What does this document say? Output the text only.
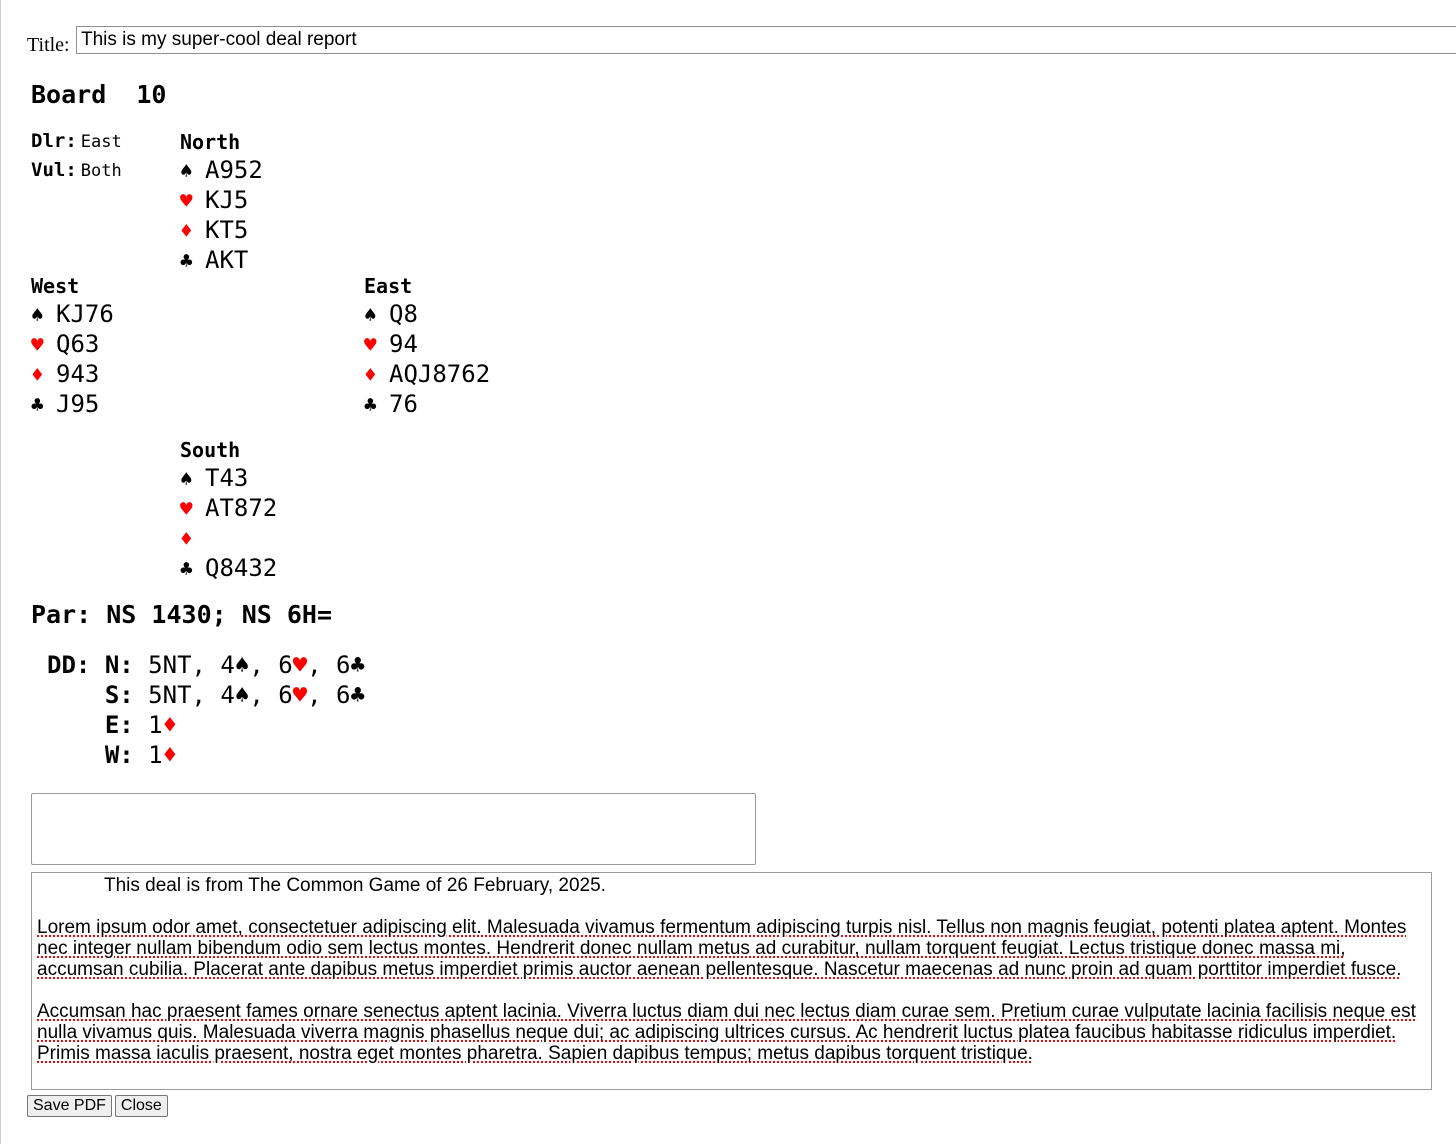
Title:
This is my super-cool deal report
Board 10
Dlr: East
Vul: Both
North
♠ A952
♥ KJ5
♦ KT5
♣ AKT
West
♠ KJ76
♥ Q63
♦ 943
♣ J95
East
♠ Q8
♥ 94
♦ AQJ8762
♣ 76
South
♠ T43
♥ AT872
♦
♣ Q8432
Par: NS 1430; NS 6H=
DD: N: 5NT, 4♠, 6♥, 6♣
S: 5NT, 4♠, 6♥, 6♣
E: 1♦
W: 1♦

This deal is from The Common Game of 26 February, 2025.

Lorem ipsum odor amet, consectetuer adipiscing elit. Malesuada vivamus fermentum adipiscing turpis nisl. Tellus non magnis feugiat, potenti platea aptent. Montes nec integer nullam bibendum odio sem lectus montes. Hendrerit donec nullam metus ad curabitur, nullam torquent feugiat. Lectus tristique donec massa mi, accumsan cubilia. Placerat ante dapibus metus imperdiet primis auctor aenean pellentesque. Nascetur maecenas ad nunc proin ad quam porttitor imperdiet fusce.

Accumsan hac praesent fames ornare senectus aptent lacinia. Viverra luctus diam dui nec lectus diam curae sem. Pretium curae vulputate lacinia facilisis neque est nulla vivamus quis. Malesuada viverra magnis phasellus neque dui; ac adipiscing ultrices cursus. Ac hendrerit luctus platea faucibus habitasse ridiculus imperdiet. Primis massa iaculis praesent, nostra eget montes pharetra. Sapien dapibus tempus; metus dapibus torquent tristique.

Save PDF Close
